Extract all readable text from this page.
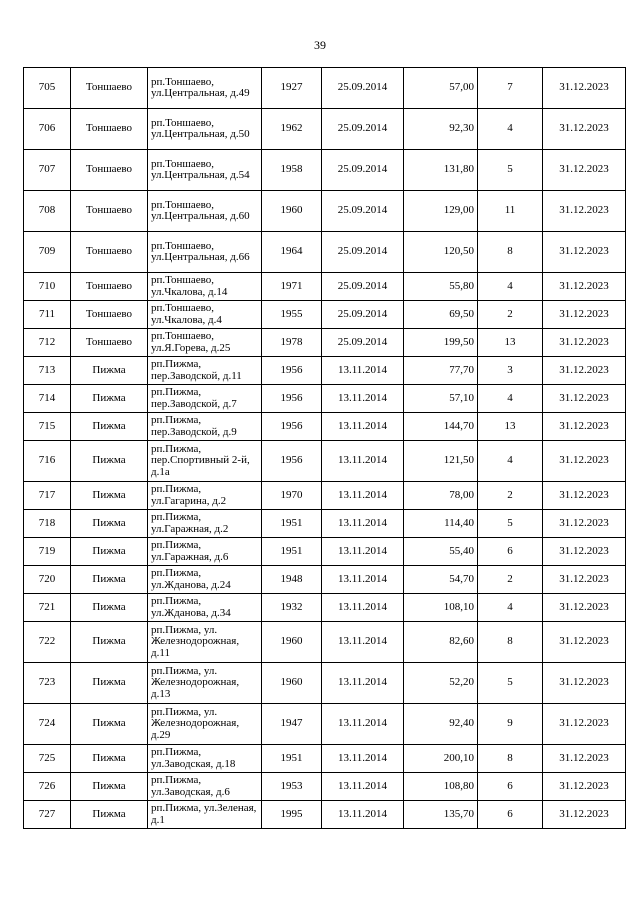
39
705	Тоншаево	рп.Тоншаево, ул.Центральная, д.49	1927	25.09.2014	57,00	7	31.12.2023
706	Тоншаево	рп.Тоншаево, ул.Центральная, д.50	1962	25.09.2014	92,30	4	31.12.2023
707	Тоншаево	рп.Тоншаево, ул.Центральная, д.54	1958	25.09.2014	131,80	5	31.12.2023
708	Тоншаево	рп.Тоншаево, ул.Центральная, д.60	1960	25.09.2014	129,00	11	31.12.2023
709	Тоншаево	рп.Тоншаево, ул.Центральная, д.66	1964	25.09.2014	120,50	8	31.12.2023
710	Тоншаево	рп.Тоншаево, ул.Чкалова, д.14	1971	25.09.2014	55,80	4	31.12.2023
711	Тоншаево	рп.Тоншаево, ул.Чкалова, д.4	1955	25.09.2014	69,50	2	31.12.2023
712	Тоншаево	рп.Тоншаево, ул.Я.Горева, д.25	1978	25.09.2014	199,50	13	31.12.2023
713	Пижма	рп.Пижма, пер.Заводской, д.11	1956	13.11.2014	77,70	3	31.12.2023
714	Пижма	рп.Пижма, пер.Заводской, д.7	1956	13.11.2014	57,10	4	31.12.2023
715	Пижма	рп.Пижма, пер.Заводской, д.9	1956	13.11.2014	144,70	13	31.12.2023
716	Пижма	рп.Пижма, пер.Спортивный 2-й, д.1а	1956	13.11.2014	121,50	4	31.12.2023
717	Пижма	рп.Пижма, ул.Гагарина, д.2	1970	13.11.2014	78,00	2	31.12.2023
718	Пижма	рп.Пижма, ул.Гаражная, д.2	1951	13.11.2014	114,40	5	31.12.2023
719	Пижма	рп.Пижма, ул.Гаражная, д.6	1951	13.11.2014	55,40	6	31.12.2023
720	Пижма	рп.Пижма, ул.Жданова, д.24	1948	13.11.2014	54,70	2	31.12.2023
721	Пижма	рп.Пижма, ул.Жданова, д.34	1932	13.11.2014	108,10	4	31.12.2023
722	Пижма	рп.Пижма, ул. Железнодорожная, д.11	1960	13.11.2014	82,60	8	31.12.2023
723	Пижма	рп.Пижма, ул. Железнодорожная, д.13	1960	13.11.2014	52,20	5	31.12.2023
724	Пижма	рп.Пижма, ул. Железнодорожная, д.29	1947	13.11.2014	92,40	9	31.12.2023
725	Пижма	рп.Пижма, ул.Заводская, д.18	1951	13.11.2014	200,10	8	31.12.2023
726	Пижма	рп.Пижма, ул.Заводская, д.6	1953	13.11.2014	108,80	6	31.12.2023
727	Пижма	рп.Пижма, ул.Зеленая, д.1	1995	13.11.2014	135,70	6	31.12.2023
